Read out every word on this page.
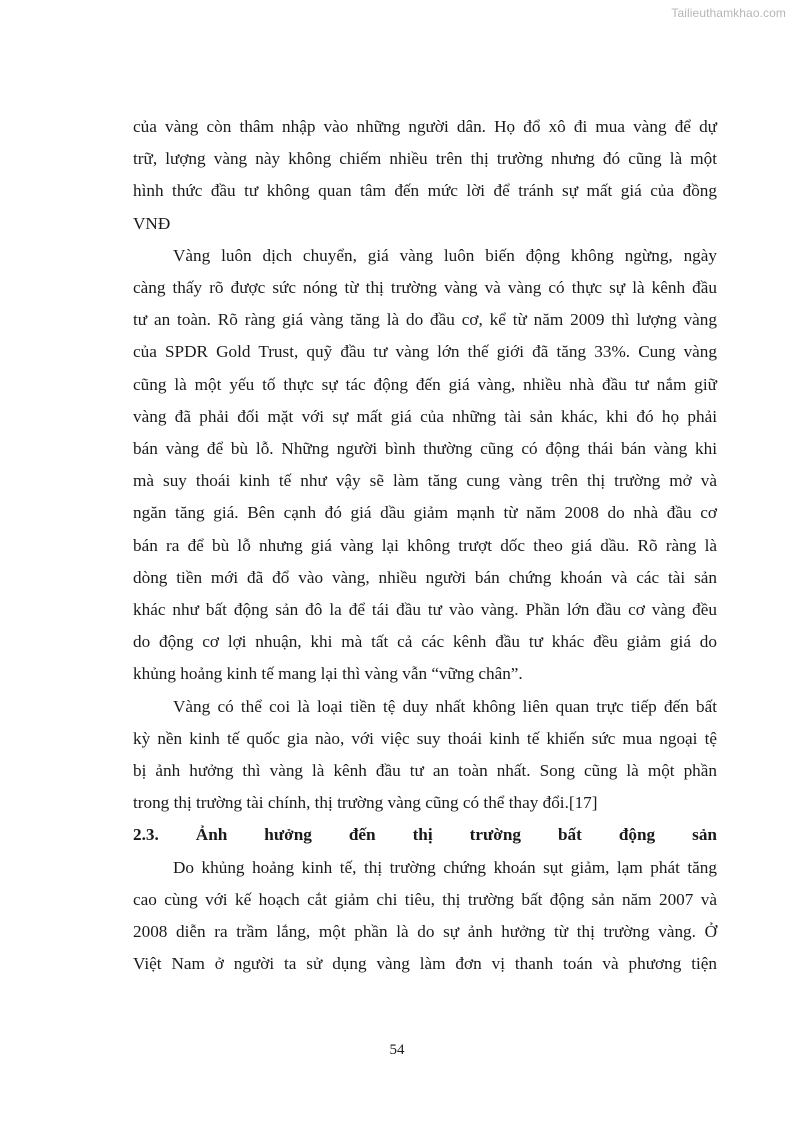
Tailieuthamkhao.com

của vàng còn thâm nhập vào những người dân. Họ đổ xô đi mua vàng để dự

trữ, lượng vàng này không chiếm nhiều trên thị trường nhưng đó cũng là một

hình thức đầu tư không quan tâm đến mức lời để tránh sự mất giá của đồng

VNĐ

Vàng luôn dịch chuyển, giá vàng luôn biến động không ngừng, ngày

càng thấy rõ được sức nóng từ thị trường vàng và vàng có thực sự là kênh đầu

tư an toàn. Rõ ràng giá vàng tăng là do đầu cơ, kể từ năm 2009 thì lượng vàng

của SPDR Gold Trust, quỹ đầu tư vàng lớn thế giới đã tăng 33%. Cung vàng

cũng là một yếu tố thực sự tác động đến giá vàng, nhiều nhà đầu tư nắm giữ

vàng đã phải đối mặt với sự mất giá của những tài sản khác, khi đó họ phải

bán vàng để bù lỗ. Những người bình thường cũng có động thái bán vàng khi

mà suy thoái kinh tế như vậy sẽ làm tăng cung vàng trên thị trường mở và

ngăn tăng giá. Bên cạnh đó giá dầu giảm mạnh từ năm 2008 do nhà đầu cơ

bán ra để bù lỗ nhưng giá vàng lại không trượt dốc theo giá dầu. Rõ ràng là

dòng tiền mới đã đổ vào vàng, nhiều người bán chứng khoán và các tài sản

khác như bất động sản đô la để tái đầu tư vào vàng. Phần lớn đầu cơ vàng đều

do động cơ lợi nhuận, khi mà tất cả các kênh đầu tư khác đều giảm giá do

khủng hoảng kinh tế mang lại thì vàng vẫn “vững chân”.

Vàng có thể coi là loại tiền tệ duy nhất không liên quan trực tiếp đến bất

kỳ nền kinh tế quốc gia nào, với việc suy thoái kinh tế khiến sức mua ngoại tệ

bị ảnh hưởng thì vàng là kênh đầu tư an toàn nhất. Song cũng là một phần

trong thị trường tài chính, thị trường vàng cũng có thể thay đổi.[17]

2.3. Ảnh hưởng đến thị trường bất động sản

Do khủng hoảng kinh tế, thị trường chứng khoán sụt giảm, lạm phát tăng

cao cùng với kế hoạch cắt giảm chi tiêu, thị trường bất động sản năm 2007 và

2008 diễn ra trầm lắng, một phần là do sự ảnh hưởng từ thị trường vàng. Ở

Việt Nam ở người ta sử dụng vàng làm đơn vị thanh toán và phương tiện

54
